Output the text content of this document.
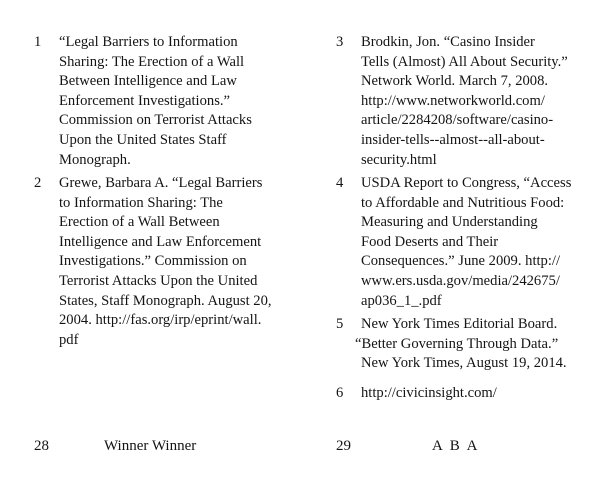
1	“Legal Barriers to Information
Sharing: The Erection of a Wall
Between Intelligence and Law
Enforcement Investigations.”
Commission on Terrorist Attacks
Upon the United States Staff
Monograph.
2	Grewe, Barbara A. “Legal Barriers
to Information Sharing: The
Erection of a Wall Between
Intelligence and Law Enforcement
Investigations.” Commission on
Terrorist Attacks Upon the United
States, Staff Monograph. August 20,
2004. http://fas.org/irp/eprint/wall.
pdf
28	Winner Winner
3	Brodkin, Jon. “Casino Insider
Tells (Almost) All About Security.”
Network World. March 7, 2008.
http://www.networkworld.com/
article/2284208/software/casino-
insider-tells--almost--all-about-
security.html
4	USDA Report to Congress, “Access
to Affordable and Nutritious Food:
Measuring and Understanding
Food Deserts and Their
Consequences.” June 2009. http://
www.ers.usda.gov/media/242675/
ap036_1_.pdf
5	New York Times Editorial Board.
“Better Governing Through Data.”
New York Times, August 19, 2014.
6	http://civicinsight.com/
29	A B A
